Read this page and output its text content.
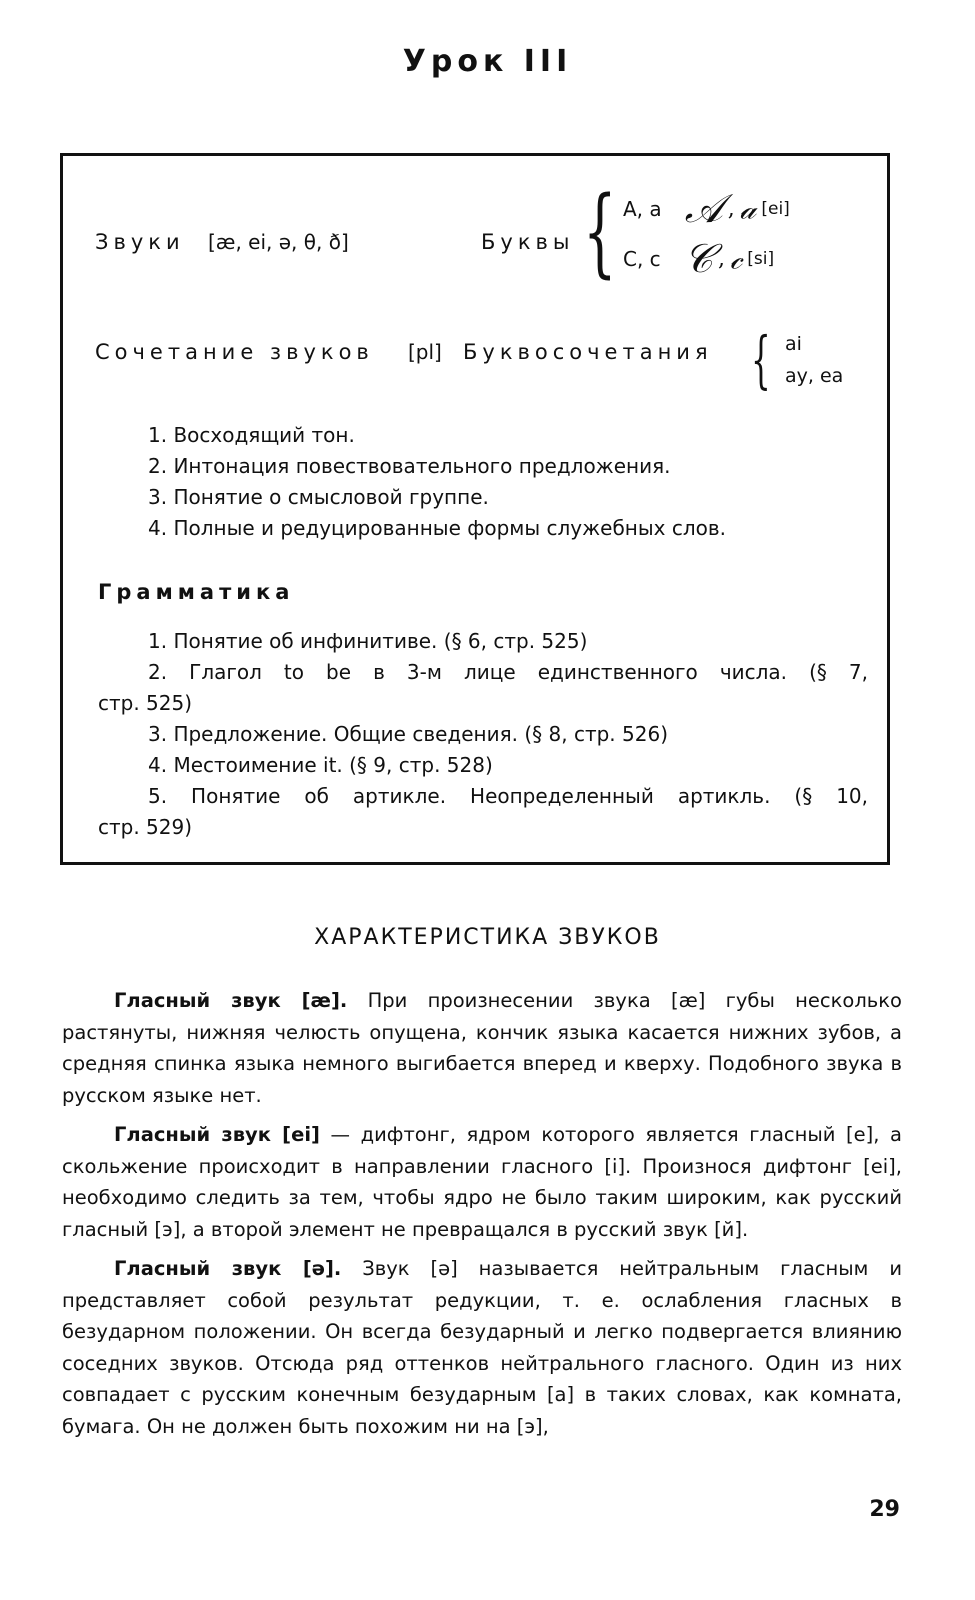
Урок III
Звуки [æ, ei, ə, θ, ð]	Буквы { A, a 𝒜 , 𝒶 [ei]
C, c 𝒞 , 𝒸 [si]
Сочетание звуков [pl] Буквосочетания { ai
ay, ea
1. Восходящий тон.
2. Интонация повествовательного предложения.
3. Понятие о смысловой группе.
4. Полные и редуцированные формы служебных слов.
Грамматика
1. Понятие об инфинитиве. (§ 6, стр. 525)
2. Глагол to be в 3-м лице единственного числа. (§ 7,
стр. 525)
3. Предложение. Общие сведения. (§ 8, стр. 526)
4. Местоимение it. (§ 9, стр. 528)
5. Понятие об артикле. Неопределенный артикль. (§ 10,
стр. 529)
ХАРАКТЕРИСТИКА ЗВУКОВ

Гласный звук [æ]. При произнесении звука [æ] губы несколько растянуты, нижняя челюсть опущена, кончик языка касается нижних зубов, а средняя спинка языка немного выгибается вперед и кверху. Подобного звука в русском языке нет.

Гласный звук [ei] — дифтонг, ядром которого является гласный [e], а скольжение происходит в направлении гласного [i]. Произнося дифтонг [ei], необходимо следить за тем, чтобы ядро не было таким широким, как русский гласный [э], а второй элемент не превращался в русский звук [й].

Гласный звук [ə]. Звук [ə] называется нейтральным гласным и представляет собой результат редукции, т. е. ослабления гласных в безударном положении. Он всегда безударный и легко подвергается влиянию соседних звуков. Отсюда ряд оттенков нейтрального гласного. Один из них совпадает с русским конечным безударным [а] в таких словах, как комната, бумага. Он не должен быть похожим ни на [э],

29
